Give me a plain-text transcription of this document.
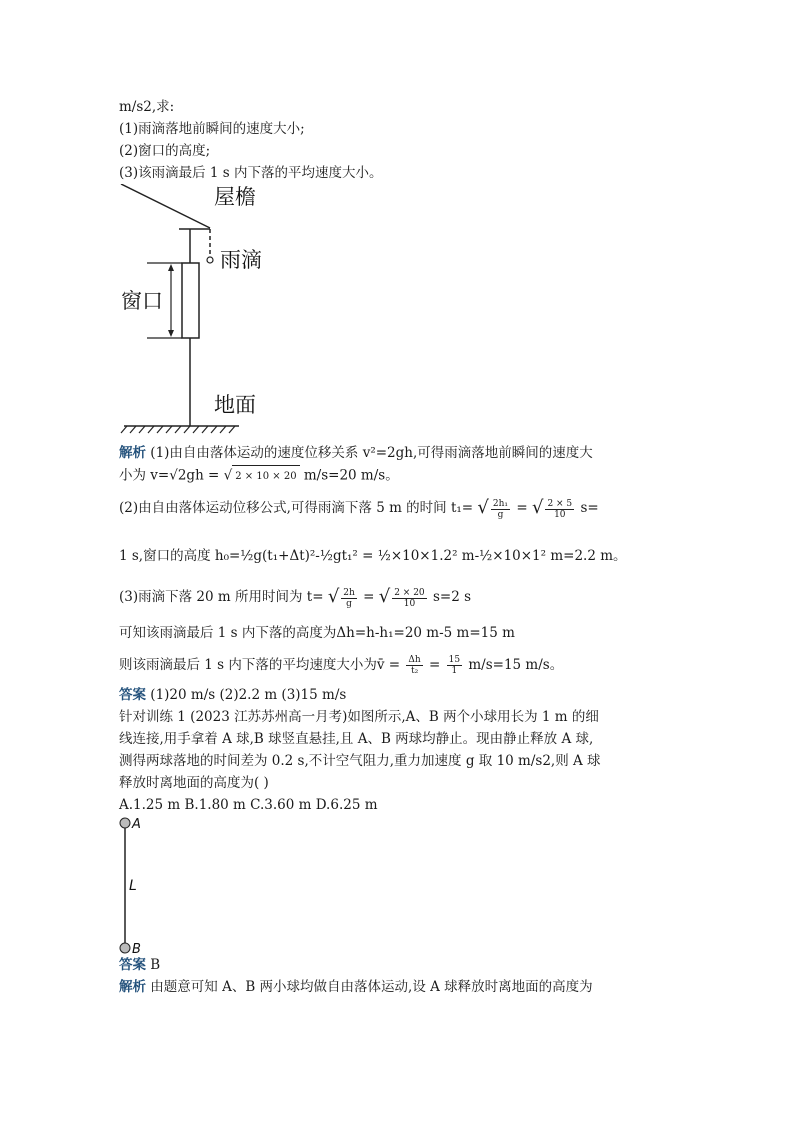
m/s2,求:
(1)雨滴落地前瞬间的速度大小;
(2)窗口的高度;
(3)该雨滴最后 1 s 内下落的平均速度大小。
屋檐
雨滴
窗口
地面
解析 (1)由自由落体运动的速度位移关系 v²=2gh,可得雨滴落地前瞬间的速度大
小为 v=√2gh = √ 2 × 10 × 20 m/s=20 m/s。
(2)由自由落体运动位移公式,可得雨滴下落 5 m 的时间 t₁= √ $\frac{\text{2h₁}}{g}$ = √ $\frac{2 \times 5}{10} s=$
1 s,窗口的高度 h₀=½g(t₁+Δt)²-½gt₁² = ½×10×1.2² m-½×10×1² m=2.2 m。
(3)雨滴下落 20 m 所用时间为 t= √ $\frac{2h}{g}$ = √ $\frac{2 \times 20}{10} s=2$ s
可知该雨滴最后 1 s 内下落的高度为Δh=h-h₁=20 m-5 m=15 m
则该雨滴最后 1 s 内下落的平均速度大小为v̄ = $\frac{\Delta h}{\text{t₂}} = \frac{15}{1} m/s=15$ m/s。
答案 (1)20 m/s (2)2.2 m (3)15 m/s
针对训练 1 (2023 江苏苏州高一月考)如图所示,A、B 两个小球用长为 1 m 的细
线连接,用手拿着 A 球,B 球竖直悬挂,且 A、B 两球均静止。现由静止释放 A 球,
测得两球落地的时间差为 0.2 s,不计空气阻力,重力加速度 g 取 10 m/s2,则 A 球
释放时离地面的高度为( )
A.1.25 m B.1.80 m C.3.60 m D.6.25 m
A
L
B
答案 B
解析 由题意可知 A、B 两小球均做自由落体运动,设 A 球释放时离地面的高度为
